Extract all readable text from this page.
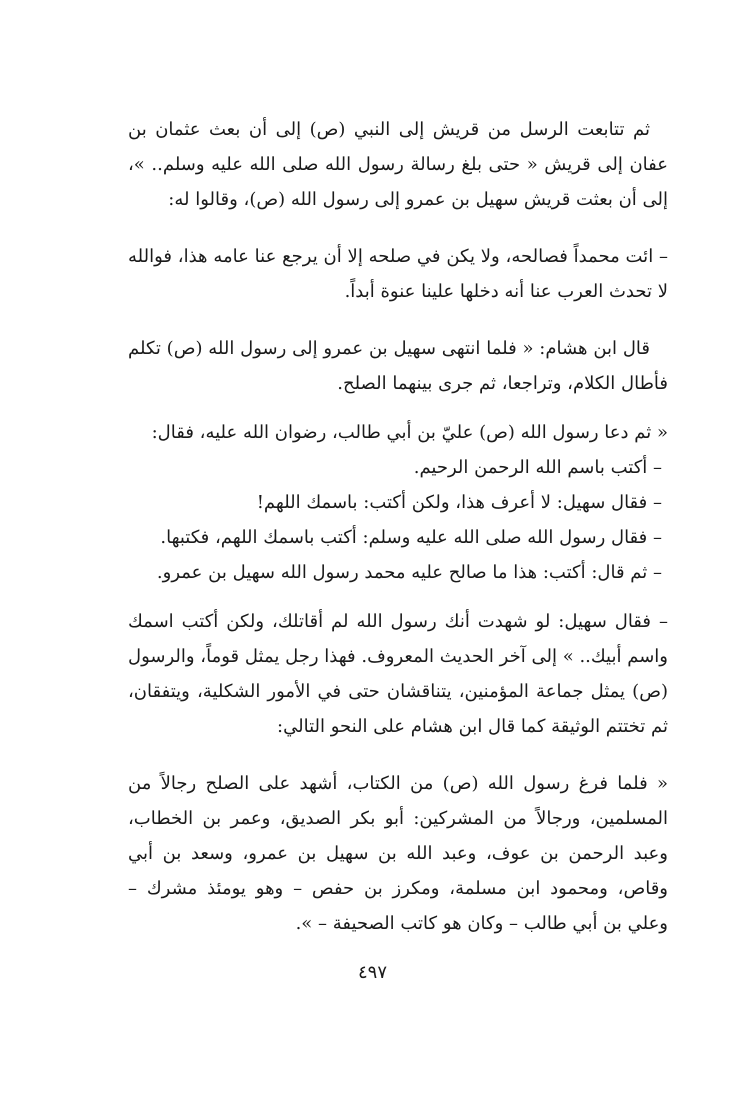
ثم تتابعت الرسل من قريش إلى النبي (ص) إلى أن بعث عثمان بن عفان إلى قريش « حتى بلغ رسالة رسول الله صلى الله عليه وسلم.. »، إلى أن بعثت قريش سهيل بن عمرو إلى رسول الله (ص)، وقالوا له:

– ائت محمداً فصالحه، ولا يكن في صلحه إلا أن يرجع عنا عامه هذا، فوالله لا تحدث العرب عنا أنه دخلها علينا عنوة أبداً.

قال ابن هشام: « فلما انتهى سهيل بن عمرو إلى رسول الله (ص) تكلم فأطال الكلام، وتراجعا، ثم جرى بينهما الصلح.

« ثم دعا رسول الله (ص) عليّ بن أبي طالب، رضوان الله عليه، فقال:

– أكتب باسم الله الرحمن الرحيم.

– فقال سهيل: لا أعرف هذا، ولكن أكتب: باسمك اللهم!

– فقال رسول الله صلى الله عليه وسلم: أكتب باسمك اللهم، فكتبها.

– ثم قال: أكتب: هذا ما صالح عليه محمد رسول الله سهيل بن عمرو.

– فقال سهيل: لو شهدت أنك رسول الله لم أقاتلك، ولكن أكتب اسمك واسم أبيك.. » إلى آخر الحديث المعروف. فهذا رجل يمثل قوماً، والرسول (ص) يمثل جماعة المؤمنين، يتناقشان حتى في الأمور الشكلية، ويتفقان، ثم تختتم الوثيقة كما قال ابن هشام على النحو التالي:

« فلما فرغ رسول الله (ص) من الكتاب، أشهد على الصلح رجالاً من المسلمين، ورجالاً من المشركين: أبو بكر الصديق، وعمر بن الخطاب، وعبد الرحمن بن عوف، وعبد الله بن سهيل بن عمرو، وسعد بن أبي وقاص، ومحمود ابن مسلمة، ومكرز بن حفص – وهو يومئذ مشرك – وعلي بن أبي طالب – وكان هو كاتب الصحيفة – ».

٤٩٧
